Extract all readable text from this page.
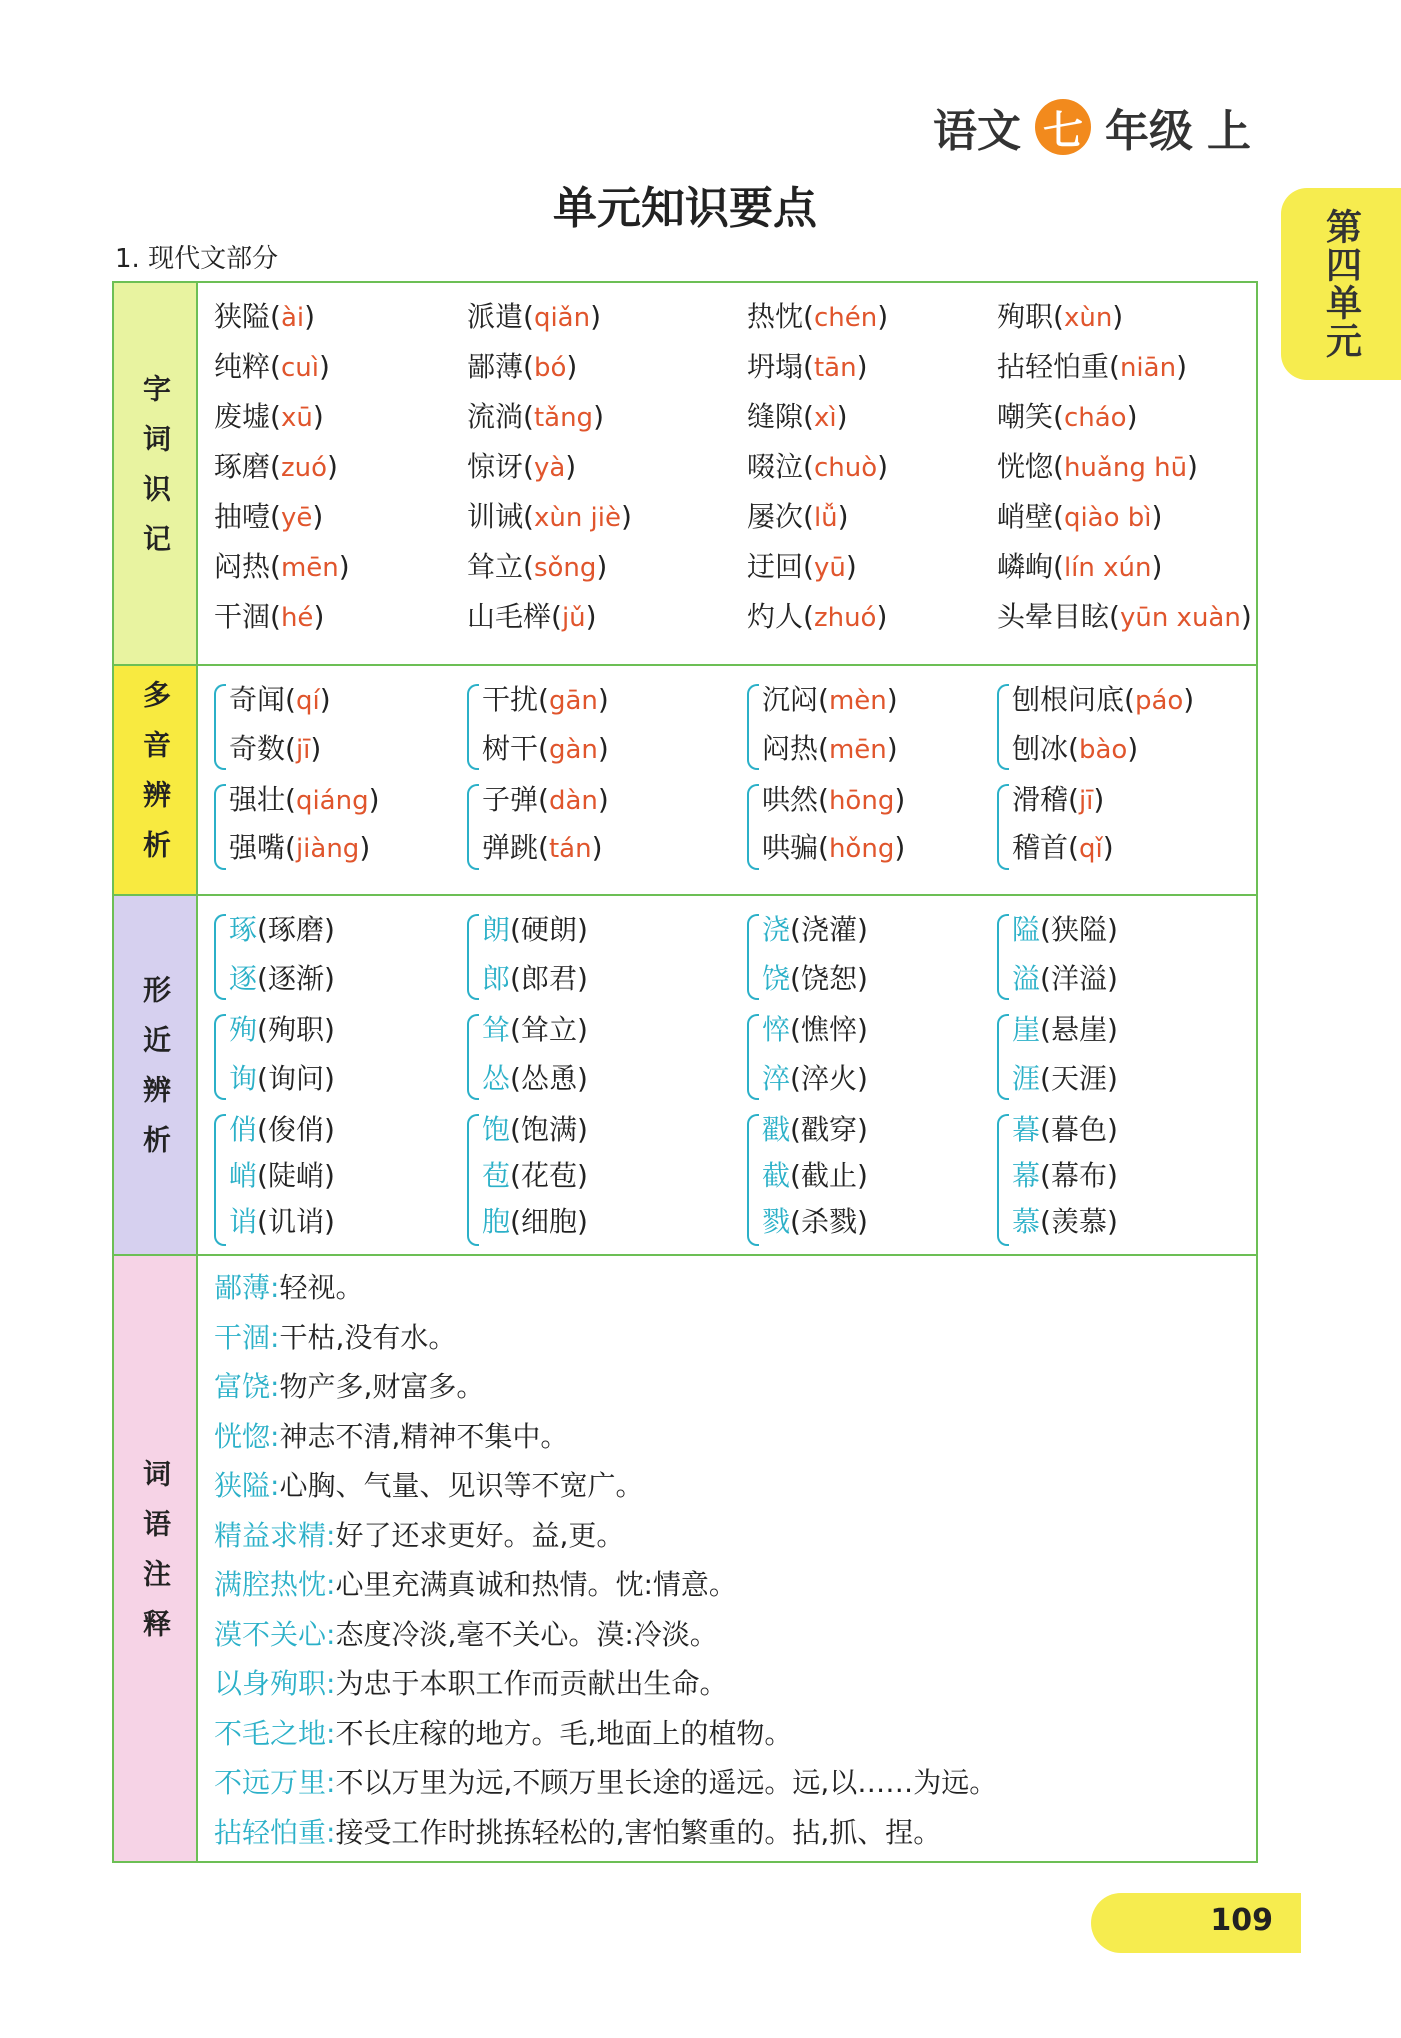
语文 七 年级 上
第四单元
单元知识要点
1. 现代文部分
字词识记
狭隘(ài)	派遣(qiǎn)	热忱(chén)	殉职(xùn)
纯粹(cuì)	鄙薄(bó)	坍塌(tān)	拈轻怕重(niān)
废墟(xū)	流淌(tǎng)	缝隙(xì)	嘲笑(cháo)
琢磨(zuó)	惊讶(yà)	啜泣(chuò)	恍惚(huǎng hū)
抽噎(yē)	训诫(xùn jiè)	屡次(lǚ)	峭壁(qiào bì)
闷热(mēn)	耸立(sǒng)	迂回(yū)	嶙峋(lín xún)
干涸(hé)	山毛榉(jǔ)	灼人(zhuó)	头晕目眩(yūn xuàn)
多音辨析 奇闻(qí)	干扰(gān)	沉闷(mèn)	刨根问底(páo)
奇数(jī)	树干(gàn)	闷热(mēn)	刨冰(bào)
强壮(qiáng)	子弹(dàn)	哄然(hōng)	滑稽(jī)
强嘴(jiàng)	弹跳(tán)	哄骗(hǒng)	稽首(qǐ)
形近辨析
琢(琢磨)	朗(硬朗)	浇(浇灌)	隘(狭隘)
逐(逐渐)	郎(郎君)	饶(饶恕)	溢(洋溢)
殉(殉职)	耸(耸立)	悴(憔悴)	崖(悬崖)
询(询问)	怂(怂恿)	淬(淬火)	涯(天涯)
俏(俊俏)	饱(饱满)	戳(戳穿)	暮(暮色)
峭(陡峭)	苞(花苞)	截(截止)	幕(幕布)
诮(讥诮)	胞(细胞)	戮(杀戮)	慕(羡慕)
词语注释
鄙薄:轻视。
干涸:干枯,没有水。
富饶:物产多,财富多。
恍惚:神志不清,精神不集中。
狭隘:心胸、气量、见识等不宽广。
精益求精:好了还求更好。益,更。
满腔热忱:心里充满真诚和热情。忱:情意。
漠不关心:态度冷淡,毫不关心。漠:冷淡。
以身殉职:为忠于本职工作而贡献出生命。
不毛之地:不长庄稼的地方。毛,地面上的植物。
不远万里:不以万里为远,不顾万里长途的遥远。远,以……为远。
拈轻怕重:接受工作时挑拣轻松的,害怕繁重的。拈,抓、捏。
109
